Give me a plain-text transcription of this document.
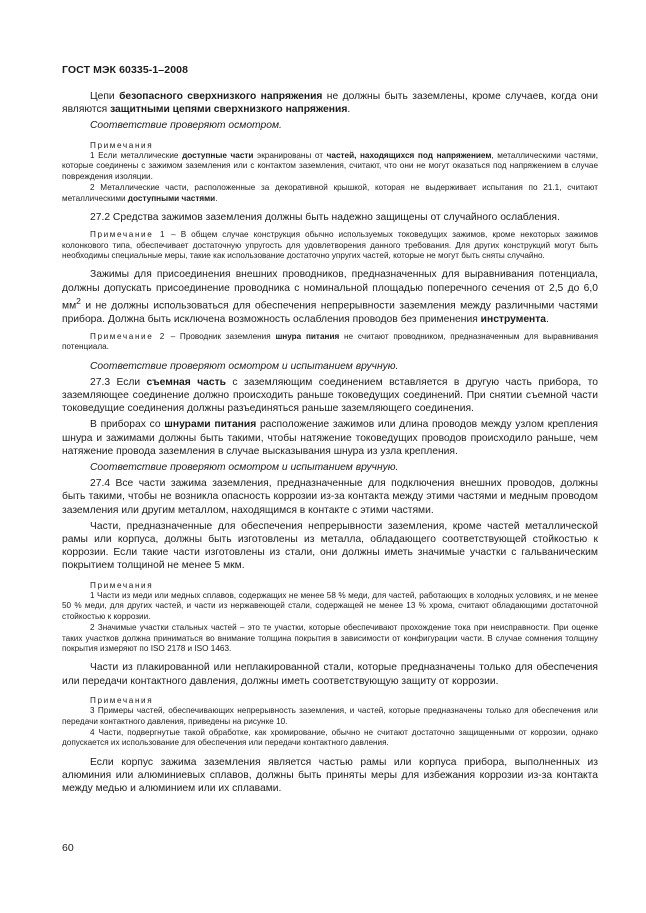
ГОСТ МЭК 60335-1–2008

Цепи безопасного сверхнизкого напряжения не должны быть заземлены, кроме случаев, когда они являются защитными цепями сверхнизкого напряжения.

Соответствие проверяют осмотром.

Примечания

1 Если металлические доступные части экранированы от частей, находящихся под напряжением, металлическими частями, которые соединены с зажимом заземления или с контактом заземления, считают, что они не могут оказаться под напряжением в случае повреждения изоляции.

2 Металлические части, расположенные за декоративной крышкой, которая не выдерживает испытания по 21.1, считают металлическими доступными частями.

27.2 Средства зажимов заземления должны быть надежно защищены от случайного ослабления.

Примечание 1 – В общем случае конструкция обычно используемых токоведущих зажимов, кроме некоторых зажимов колонкового типа, обеспечивает достаточную упругость для удовлетворения данного требования. Для других конструкций могут быть необходимы специальные меры, такие как использование достаточно упругих частей, которые не могут быть сняты случайно.

Зажимы для присоединения внешних проводников, предназначенных для выравнивания потенциала, должны допускать присоединение проводника с номинальной площадью поперечного сечения от 2,5 до 6,0 $мм^2$ и не должны использоваться для обеспечения непрерывности заземления между различными частями прибора. Должна быть исключена возможность ослабления проводов без применения инструмента.

Примечание 2 – Проводник заземления шнура питания не считают проводником, предназначенным для выравнивания потенциала.

Соответствие проверяют осмотром и испытанием вручную.

27.3 Если съемная часть с заземляющим соединением вставляется в другую часть прибора, то заземляющее соединение должно происходить раньше токоведущих соединений. При снятии съемной части токоведущие соединения должны разъединяться раньше заземляющего соединения.

В приборах со шнурами питания расположение зажимов или длина проводов между узлом крепления шнура и зажимами должны быть такими, чтобы натяжение токоведущих проводов происходило раньше, чем натяжение провода заземления в случае высказывания шнура из узла крепления.

Соответствие проверяют осмотром и испытанием вручную.

27.4 Все части зажима заземления, предназначенные для подключения внешних проводов, должны быть такими, чтобы не возникла опасность коррозии из-за контакта между этими частями и медным проводом заземления или другим металлом, находящимся в контакте с этими частями.

Части, предназначенные для обеспечения непрерывности заземления, кроме частей металлической рамы или корпуса, должны быть изготовлены из металла, обладающего соответствующей стойкостью к коррозии. Если такие части изготовлены из стали, они должны иметь значимые участки с гальваническим покрытием толщиной не менее 5 мкм.

Примечания

1 Части из меди или медных сплавов, содержащих не менее 58 % меди, для частей, работающих в холодных условиях, и не менее 50 % меди, для других частей, и части из нержавеющей стали, содержащей не менее 13 % хрома, считают обладающими достаточной стойкостью к коррозии.

2 Значимые участки стальных частей – это те участки, которые обеспечивают прохождение тока при неисправности. При оценке таких участков должна приниматься во внимание толщина покрытия в зависимости от конфигурации части. В случае сомнения толщину покрытия измеряют по ISO 2178 и ISO 1463.

Части из плакированной или неплакированной стали, которые предназначены только для обеспечения или передачи контактного давления, должны иметь соответствующую защиту от коррозии.

Примечания

3 Примеры частей, обеспечивающих непрерывность заземления, и частей, которые предназначены только для обеспечения или передачи контактного давления, приведены на рисунке 10.

4 Части, подвергнутые такой обработке, как хромирование, обычно не считают достаточно защищенными от коррозии, однако допускается их использование для обеспечения или передачи контактного давления.

Если корпус зажима заземления является частью рамы или корпуса прибора, выполненных из алюминия или алюминиевых сплавов, должны быть приняты меры для избежания коррозии из-за контакта между медью и алюминием или их сплавами.

60
